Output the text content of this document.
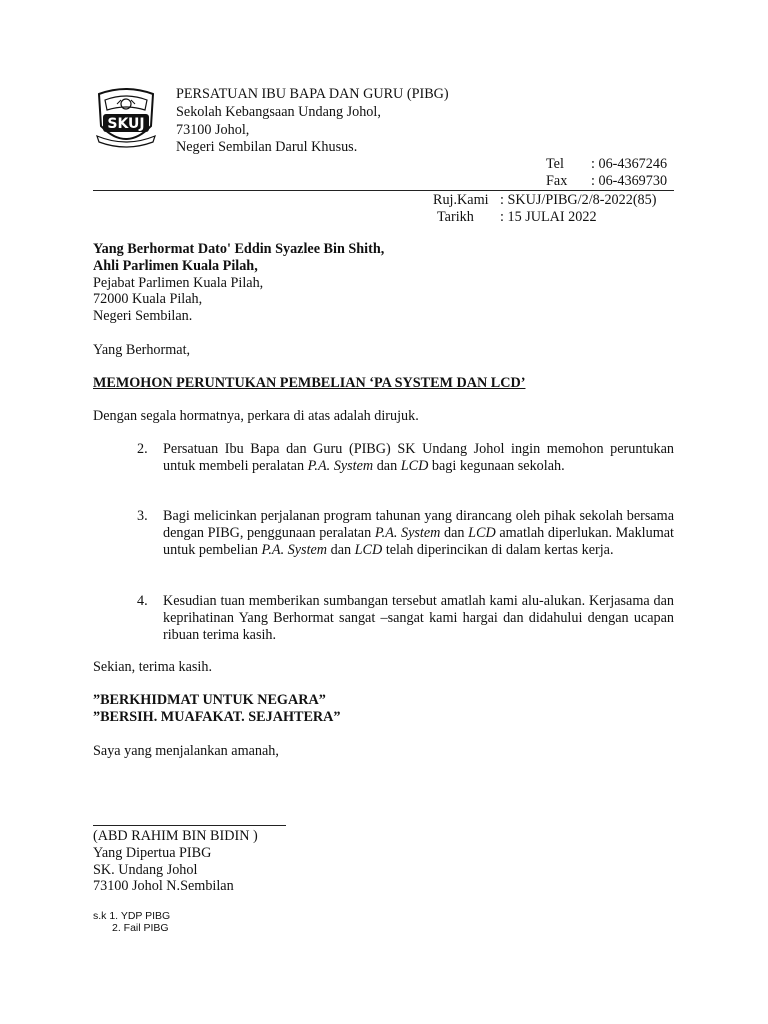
SKUJ
PERSATUAN IBU BAPA DAN GURU (PIBG)
Sekolah Kebangsaan Undang Johol,
73100 Johol,
Negeri Sembilan Darul Khusus.
Tel : 06-4367246
Fax : 06-4369730
Ruj.Kami : SKUJ/PIBG/2/8-2022(85)
Tarikh : 15 JULAI 2022
Yang Berhormat Dato' Eddin Syazlee Bin Shith,
Ahli Parlimen Kuala Pilah,
Pejabat Parlimen Kuala Pilah,
72000 Kuala Pilah,
Negeri Sembilan.
Yang Berhormat,
MEMOHON PERUNTUKAN PEMBELIAN ‘PA SYSTEM DAN LCD’
Dengan segala hormatnya, perkara di atas adalah dirujuk.
2. Persatuan Ibu Bapa dan Guru (PIBG) SK Undang Johol ingin memohon peruntukan untuk membeli peralatan P.A. System dan LCD bagi kegunaan sekolah.
3. Bagi melicinkan perjalanan program tahunan yang dirancang oleh pihak sekolah bersama dengan PIBG, penggunaan peralatan P.A. System dan LCD amatlah diperlukan. Maklumat untuk pembelian P.A. System dan LCD telah diperincikan di dalam kertas kerja.
4. Kesudian tuan memberikan sumbangan tersebut amatlah kami alu-alukan. Kerjasama dan keprihatinan Yang Berhormat sangat –sangat kami hargai dan didahului dengan ucapan ribuan terima kasih.
Sekian, terima kasih.
”BERKHIDMAT UNTUK NEGARA”
”BERSIH. MUAFAKAT. SEJAHTERA”
Saya yang menjalankan amanah,
(ABD RAHIM BIN BIDIN )
Yang Dipertua PIBG
SK. Undang Johol
73100 Johol N.Sembilan
s.k 1. YDP PIBG
2. Fail PIBG
